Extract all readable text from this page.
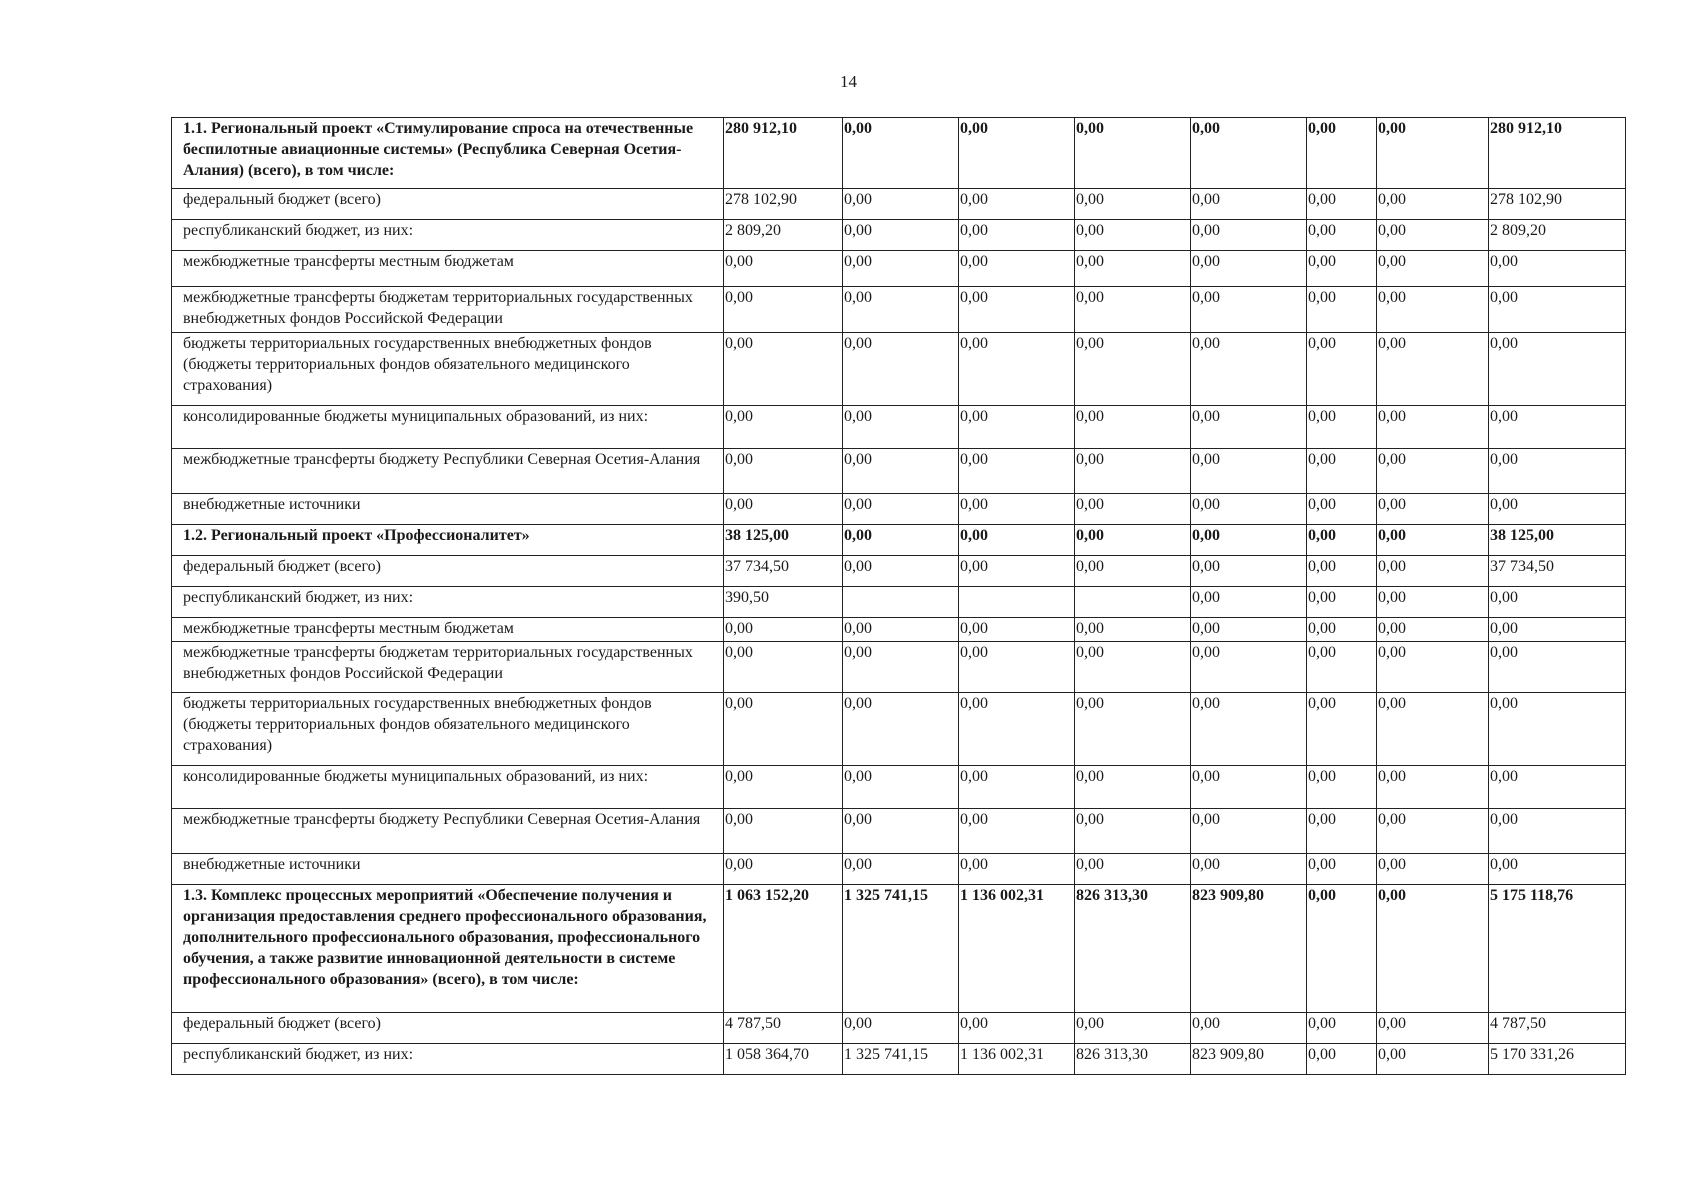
14
1.1. Региональный проект «Стимулирование спроса на отечественные беспилотные авиационные системы» (Республика Северная Осетия-Алания) (всего), в том числе:	280 912,10	0,00	0,00	0,00	0,00	0,00	0,00	280 912,10
федеральный бюджет (всего)	278 102,90	0,00	0,00	0,00	0,00	0,00	0,00	278 102,90
республиканский бюджет, из них:	2 809,20	0,00	0,00	0,00	0,00	0,00	0,00	2 809,20
межбюджетные трансферты местным бюджетам	0,00	0,00	0,00	0,00	0,00	0,00	0,00	0,00
межбюджетные трансферты бюджетам территориальных государственных внебюджетных фондов Российской Федерации	0,00	0,00	0,00	0,00	0,00	0,00	0,00	0,00
бюджеты территориальных государственных внебюджетных фондов (бюджеты территориальных фондов обязательного медицинского страхования)	0,00	0,00	0,00	0,00	0,00	0,00	0,00	0,00
консолидированные бюджеты муниципальных образований, из них:	0,00	0,00	0,00	0,00	0,00	0,00	0,00	0,00
межбюджетные трансферты бюджету Республики Северная Осетия-Алания	0,00	0,00	0,00	0,00	0,00	0,00	0,00	0,00
внебюджетные источники	0,00	0,00	0,00	0,00	0,00	0,00	0,00	0,00
1.2. Региональный проект «Профессионалитет»	38 125,00	0,00	0,00	0,00	0,00	0,00	0,00	38 125,00
федеральный бюджет (всего)	37 734,50	0,00	0,00	0,00	0,00	0,00	0,00	37 734,50
республиканский бюджет, из них:	390,50				0,00	0,00	0,00	0,00
межбюджетные трансферты местным бюджетам	0,00	0,00	0,00	0,00	0,00	0,00	0,00	0,00
межбюджетные трансферты бюджетам территориальных государственных внебюджетных фондов Российской Федерации	0,00	0,00	0,00	0,00	0,00	0,00	0,00	0,00
бюджеты территориальных государственных внебюджетных фондов (бюджеты территориальных фондов обязательного медицинского страхования)	0,00	0,00	0,00	0,00	0,00	0,00	0,00	0,00
консолидированные бюджеты муниципальных образований, из них:	0,00	0,00	0,00	0,00	0,00	0,00	0,00	0,00
межбюджетные трансферты бюджету Республики Северная Осетия-Алания	0,00	0,00	0,00	0,00	0,00	0,00	0,00	0,00
внебюджетные источники	0,00	0,00	0,00	0,00	0,00	0,00	0,00	0,00
1.3. Комплекс процессных мероприятий «Обеспечение получения и организация предоставления среднего профессионального образования, дополнительного профессионального образования, профессионального обучения, а также развитие инновационной деятельности в системе профессионального образования» (всего), в том числе:	1 063 152,20	1 325 741,15	1 136 002,31	826 313,30	823 909,80	0,00	0,00	5 175 118,76
федеральный бюджет (всего)	4 787,50	0,00	0,00	0,00	0,00	0,00	0,00	4 787,50
республиканский бюджет, из них:	1 058 364,70	1 325 741,15	1 136 002,31	826 313,30	823 909,80	0,00	0,00	5 170 331,26
